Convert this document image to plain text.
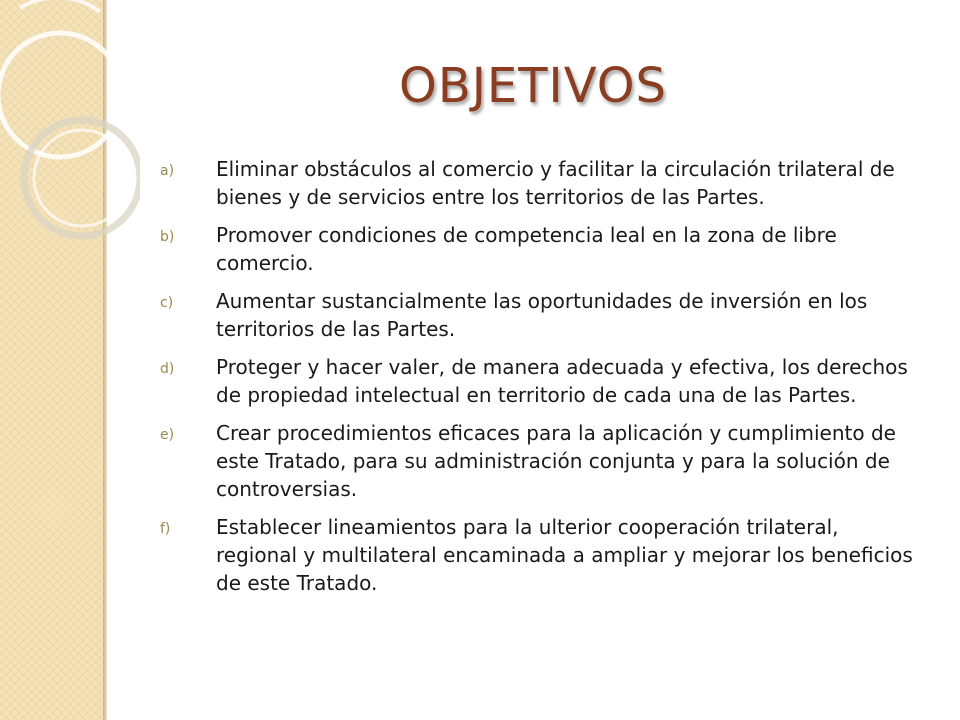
OBJETIVOS
a)	Eliminar obstáculos al comercio y facilitar la circulación trilateral de bienes y de servicios entre los territorios de las Partes.
b)	Promover condiciones de competencia leal en la zona de libre comercio.
c)	Aumentar sustancialmente las oportunidades de inversión en los territorios de las Partes.
d)	Proteger y hacer valer, de manera adecuada y efectiva, los derechos de propiedad intelectual en territorio de cada una de las Partes.
e)	Crear procedimientos eficaces para la aplicación y cumplimiento de este Tratado, para su administración conjunta y para la solución de controversias.
f)	Establecer lineamientos para la ulterior cooperación trilateral, regional y multilateral encaminada a ampliar y mejorar los beneficios de este Tratado.
